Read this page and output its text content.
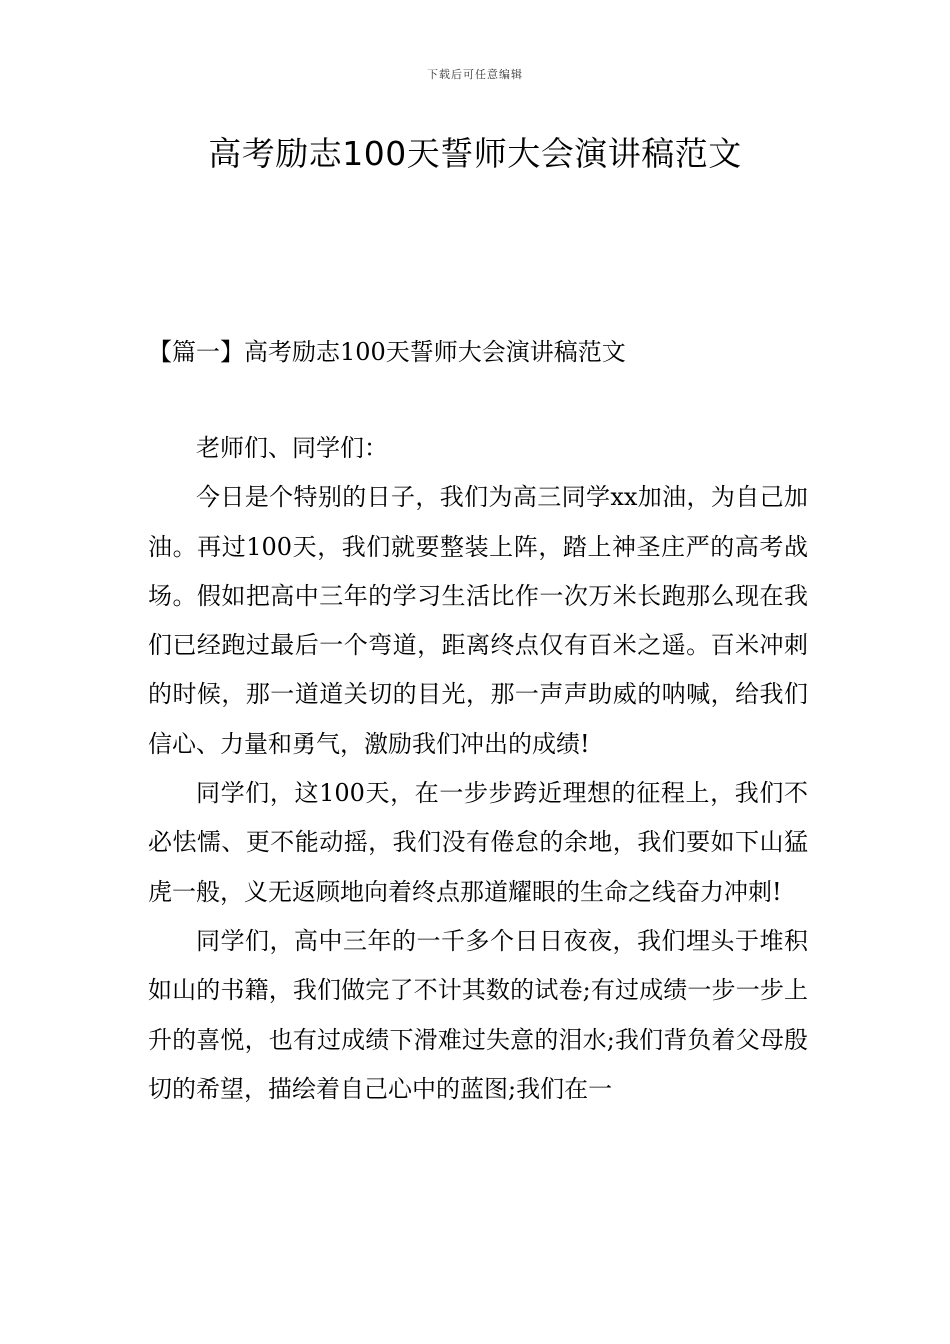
下载后可任意编辑
高考励志100天誓师大会演讲稿范文
【篇一】高考励志100天誓师大会演讲稿范文

老师们、同学们：

今日是个特别的日子，我们为高三同学xx加油，为自己加油。再过100天，我们就要整装上阵，踏上神圣庄严的高考战场。假如把高中三年的学习生活比作一次万米长跑那么现在我们已经跑过最后一个弯道，距离终点仅有百米之遥。百米冲刺的时候，那一道道关切的目光，那一声声助威的呐喊，给我们信心、力量和勇气，激励我们冲出的成绩!

同学们，这100天，在一步步跨近理想的征程上，我们不必怯懦、更不能动摇，我们没有倦怠的余地，我们要如下山猛虎一般，义无返顾地向着终点那道耀眼的生命之线奋力冲刺!

同学们，高中三年的一千多个日日夜夜，我们埋头于堆积如山的书籍，我们做完了不计其数的试卷;有过成绩一步一步上升的喜悦，也有过成绩下滑难过失意的泪水;我们背负着父母殷切的希望，描绘着自己心中的蓝图;我们在一
